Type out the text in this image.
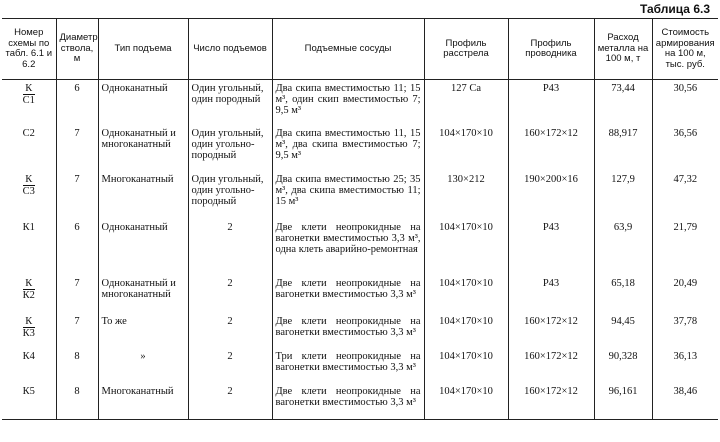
Таблица 6.3
Номер схемы по табл. 6.1 и 6.2	Диаметр ствола, м	Тип подъема	Число подъемов	Подъемные сосуды	Профиль расстрела	Профиль проводника	Расход металла на 100 м, т	Стоимость армирования на 100 м, тыс. руб.

$\frac{К}{С1}$	6	Одноканатный	Один угольный, один породный	Два скипа вместимостью 11; 15 м³, один скип вместимостью 7; 9,5 м³	127 Са	Р43	73,44	30,56
С2	7	Одноканатный и многоканатный	Один угольный, один угольно-породный	Два скипа вместимостью 11, 15 м³, два скипа вместимостью 7; 9,5 м³	104×170×10	160×172×12	88,917	36,56

$\frac{К}{С3}$	7	Многоканатный	Один угольный, один угольно-породный	Два скипа вместимостью 25; 35 м³, два скипа вместимостью 11; 15 м³	130×212	190×200×16	127,9	47,32
К1	6	Одноканатный	2	Две клети неопрокидные на вагонетки вместимостью 3,3 м³, одна клеть аварийно-ремонтная	104×170×10	Р43	63,9	21,79

$\frac{К}{К2}$	7	Одноканатный и многоканатный	2	Две клети неопрокидные на вагонетки вместимостью 3,3 м³	104×170×10	Р43	65,18	20,49

$\frac{К}{К3}$	7	То же	2	Две клети неопрокидные на вагонетки вместимостью 3,3 м³	104×170×10	160×172×12	94,45	37,78
К4	8	»	2	Три клети неопрокидные на вагонетки вместимостью 3,3 м³	104×170×10	160×172×12	90,328	36,13
К5	8	Многоканатный	2	Две клети неопрокидные на вагонетки вместимостью 3,3 м³	104×170×10	160×172×12	96,161	38,46
